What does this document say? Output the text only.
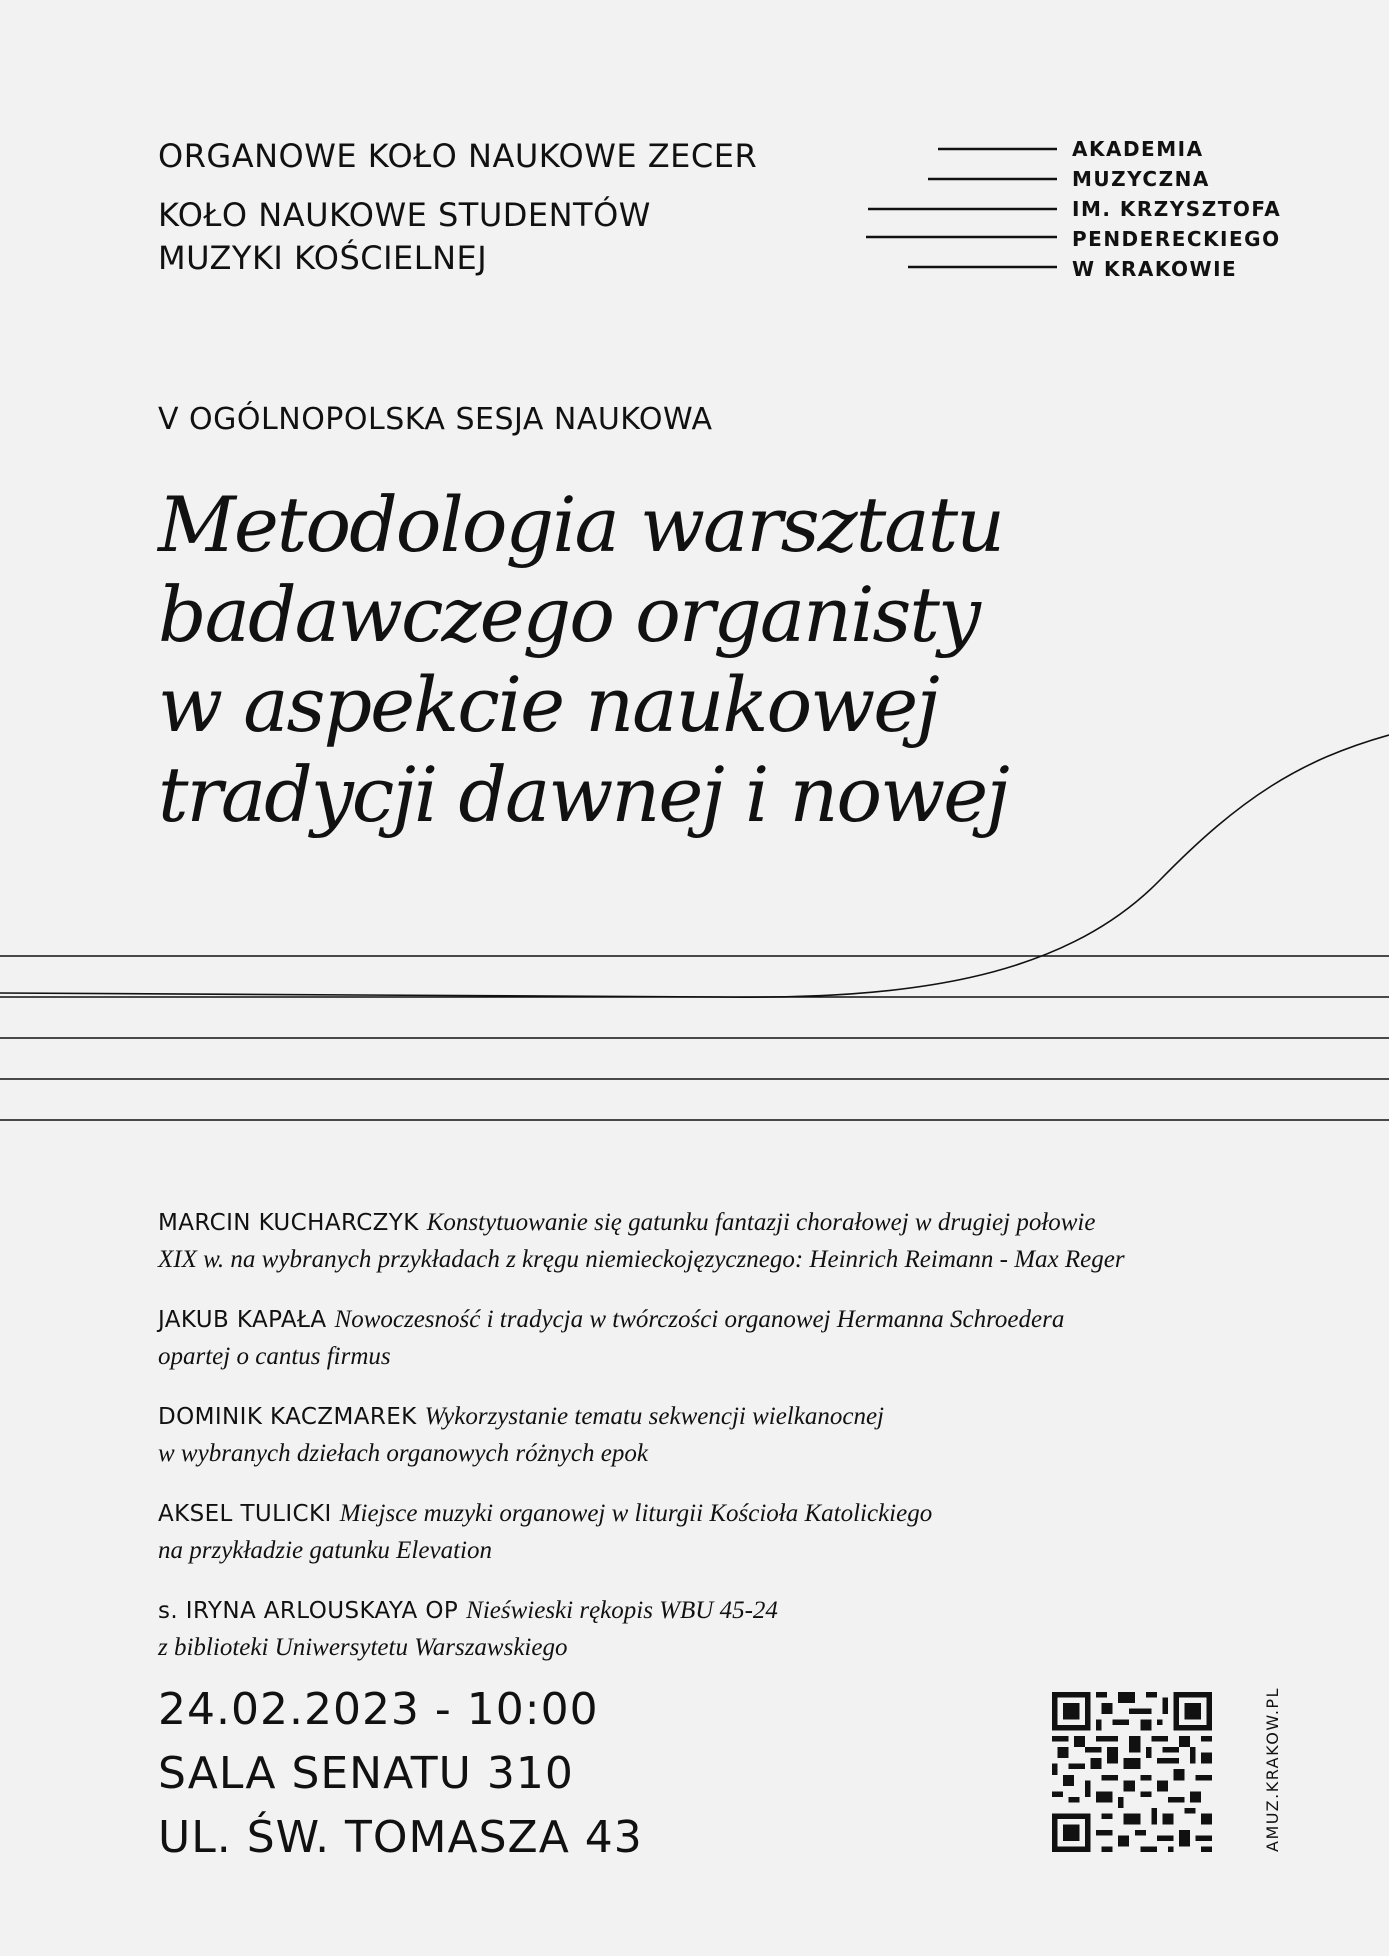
ORGANOWE KOŁO NAUKOWE ZECER
KOŁO NAUKOWE STUDENTÓW
MUZYKI KOŚCIELNEJ
AKADEMIA
MUZYCZNA
IM. KRZYSZTOFA
PENDERECKIEGO
W KRAKOWIE
V OGÓLNOPOLSKA SESJA NAUKOWA
Metodologia warsztatu
badawczego organisty
w aspekcie naukowej
tradycji dawnej i nowej
MARCIN KUCHARCZYK Konstytuowanie się gatunku fantazji chorałowej w drugiej połowie
XIX w. na wybranych przykładach z kręgu niemieckojęzycznego: Heinrich Reimann - Max Reger
JAKUB KAPAŁA Nowoczesność i tradycja w twórczości organowej Hermanna Schroedera
opartej o cantus firmus
DOMINIK KACZMAREK Wykorzystanie tematu sekwencji wielkanocnej
w wybranych dziełach organowych różnych epok
AKSEL TULICKI Miejsce muzyki organowej w liturgii Kościoła Katolickiego
na przykładzie gatunku Elevation
s. IRYNA ARLOUSKAYA OP Nieświeski rękopis WBU 45-24
z biblioteki Uniwersytetu Warszawskiego
24.02.2023 - 10:00
SALA SENATU 310
UL. ŚW. TOMASZA 43	AMUZ.KRAKOW.PL
